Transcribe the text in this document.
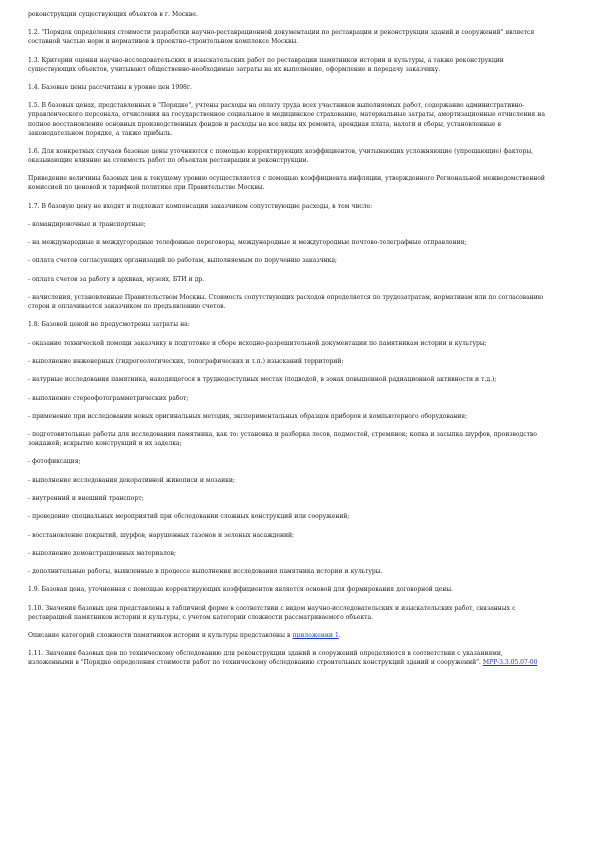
реконструкции существующих объектов в г. Москве.

1.2. "Порядок определения стоимости разработки научно-реставрационной документации по реставрации и реконструкции зданий и сооружений" является составной частью норм и нормативов в проектно-строительном комплексе Москвы.

1.3. Критерии оценки научно-исследовательских и изыскательских работ по реставрации памятников истории и культуры, а также реконструкции существующих объектов, учитывают общественно-необходимые затраты на их выполнение, оформление и передачу заказчику.

1.4. Базовые цены рассчитаны в уровне цен 1998г.

1.5. В базовых ценах, представленных в "Порядке", учтены расходы на оплату труда всех участников выполняемых работ, содержание административно-управленческого персонала, отчисления на государственное социальное и медицинское страхование, материальные затраты, амортизационные отчисления на полное восстановление основных производственных фондов и расходы на все виды их ремонта, арендная плата, налоги и сборы, установленные в законодательном порядке, а также прибыль.

1.6. Для конкретных случаев базовые цены уточняются с помощью корректирующих коэффициентов, учитывающих усложняющие (упрощающие) факторы, оказывающие влияние на стоимость работ по объектам реставрации и реконструкции.

Приведение величины базовых цен к текущему уровню осуществляется с помощью коэффициента инфляции, утвержденного Региональной межведомственной комиссией по ценовой и тарифной политике при Правительстве Москвы.

1.7. В базовую цену не входят и подлежат компенсации заказчиком сопутствующие расходы, в том числе:

- командировочные и транспортные;

- на международные и междугородные телефонные переговоры, международные и междугородные почтово-телеграфные отправления;

- оплата счетов согласующих организаций по работам, выполняемым по поручению заказчика;

- оплата счетов за работу в архивах, музеях, БТИ и др.

- начисления, установленные Правительством Москвы. Стоимость сопутствующих расходов определяется по трудозатратам, нормативам или по согласованию сторон и оплачивается заказчиком по предъявлению счетов.

1.8. Базовой ценой не предусмотрены затраты на:

- оказание технической помощи заказчику в подготовке и сборе исходно-разрешительной документации по памятникам истории и культуры;

- выполнение инженерных (гидрогеологических, топографических и т.п.) изысканий территорий;

- натурные исследования памятника, находящегося в труднодоступных местах (подводой, в зонах повышенной радиационной активности и т.д.);

- выполнение стереофотограмметрических работ;

- применение при исследовании новых оригинальных методик, экспериментальных образцов приборов и компьютерного оборудования;

- подготовительные работы для исследования памятника, как то: установка и разборка лесов, подмостей, стремянок; копка и засыпка шурфов, производство зондажей; вскрытие конструкций и их заделка;

- фотофиксация;

- выполнение исследования декоративной живописи и мозаики;

- внутренний и внешний транспорт;

- проведение специальных мероприятий при обследовании сложных конструкций или сооружений;

- восстановление покрытий, шурфов, нарушенных газонов и зеленых насаждений;

- выполнение демонстрационных материалов;

- дополнительные работы, выявленные в процессе выполнения исследования памятника истории и культуры.

1.9. Базовая цена, уточненная с помощью корректирующих коэффициентов является основой для формирования договорной цены.

1.10. Значения базовых цен представлены в табличной форме в соответствии с видом научно-исследовательских и изыскательских работ, связанных с реставрацией памятников истории и культуры, с учетом категории сложности рассматриваемого объекта.

Описание категорий сложности памятников истории и культуры представлены в приложении 1.

1.11. Значения базовых цен по техническому обследованию для реконструкции зданий и сооружений определяются в соответствии с указаниями, изложенными в "Порядке определения стоимости работ по техническому обследованию строительных конструкций зданий и сооружений". МРР-3.3.05.07-00
